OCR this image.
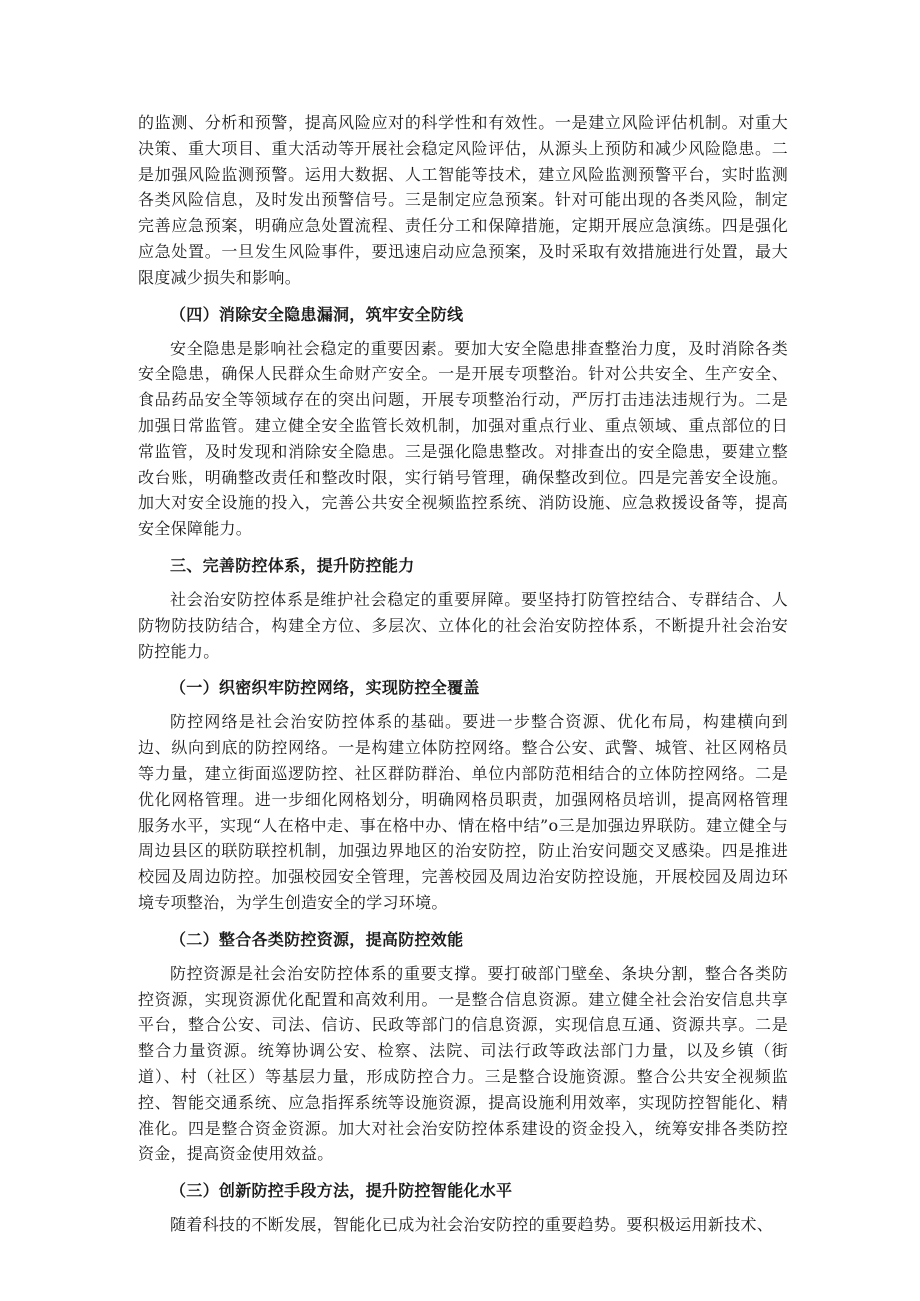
的监测、分析和预警，提高风险应对的科学性和有效性。一是建立风险评估机制。对重大决策、重大项目、重大活动等开展社会稳定风险评估，从源头上预防和减少风险隐患。二是加强风险监测预警。运用大数据、人工智能等技术，建立风险监测预警平台，实时监测各类风险信息，及时发出预警信号。三是制定应急预案。针对可能出现的各类风险，制定完善应急预案，明确应急处置流程、责任分工和保障措施，定期开展应急演练。四是强化应急处置。一旦发生风险事件，要迅速启动应急预案，及时采取有效措施进行处置，最大限度减少损失和影响。

（四）消除安全隐患漏洞，筑牢安全防线

安全隐患是影响社会稳定的重要因素。要加大安全隐患排查整治力度，及时消除各类安全隐患，确保人民群众生命财产安全。一是开展专项整治。针对公共安全、生产安全、食品药品安全等领域存在的突出问题，开展专项整治行动，严厉打击违法违规行为。二是加强日常监管。建立健全安全监管长效机制，加强对重点行业、重点领域、重点部位的日常监管，及时发现和消除安全隐患。三是强化隐患整改。对排查出的安全隐患，要建立整改台账，明确整改责任和整改时限，实行销号管理，确保整改到位。四是完善安全设施。加大对安全设施的投入，完善公共安全视频监控系统、消防设施、应急救援设备等，提高安全保障能力。

三、完善防控体系，提升防控能力

社会治安防控体系是维护社会稳定的重要屏障。要坚持打防管控结合、专群结合、人防物防技防结合，构建全方位、多层次、立体化的社会治安防控体系，不断提升社会治安防控能力。

（一）织密织牢防控网络，实现防控全覆盖

防控网络是社会治安防控体系的基础。要进一步整合资源、优化布局，构建横向到边、纵向到底的防控网络。一是构建立体防控网络。整合公安、武警、城管、社区网格员等力量，建立街面巡逻防控、社区群防群治、单位内部防范相结合的立体防控网络。二是优化网格管理。进一步细化网格划分，明确网格员职责，加强网格员培训，提高网格管理服务水平，实现“人在格中走、事在格中办、情在格中结”o三是加强边界联防。建立健全与周边县区的联防联控机制，加强边界地区的治安防控，防止治安问题交叉感染。四是推进校园及周边防控。加强校园安全管理，完善校园及周边治安防控设施，开展校园及周边环境专项整治，为学生创造安全的学习环境。

（二）整合各类防控资源，提高防控效能

防控资源是社会治安防控体系的重要支撑。要打破部门壁垒、条块分割，整合各类防控资源，实现资源优化配置和高效利用。一是整合信息资源。建立健全社会治安信息共享平台，整合公安、司法、信访、民政等部门的信息资源，实现信息互通、资源共享。二是整合力量资源。统筹协调公安、检察、法院、司法行政等政法部门力量，以及乡镇（街道）、村（社区）等基层力量，形成防控合力。三是整合设施资源。整合公共安全视频监控、智能交通系统、应急指挥系统等设施资源，提高设施利用效率，实现防控智能化、精准化。四是整合资金资源。加大对社会治安防控体系建设的资金投入，统筹安排各类防控资金，提高资金使用效益。

（三）创新防控手段方法，提升防控智能化水平

随着科技的不断发展，智能化已成为社会治安防控的重要趋势。要积极运用新技术、
